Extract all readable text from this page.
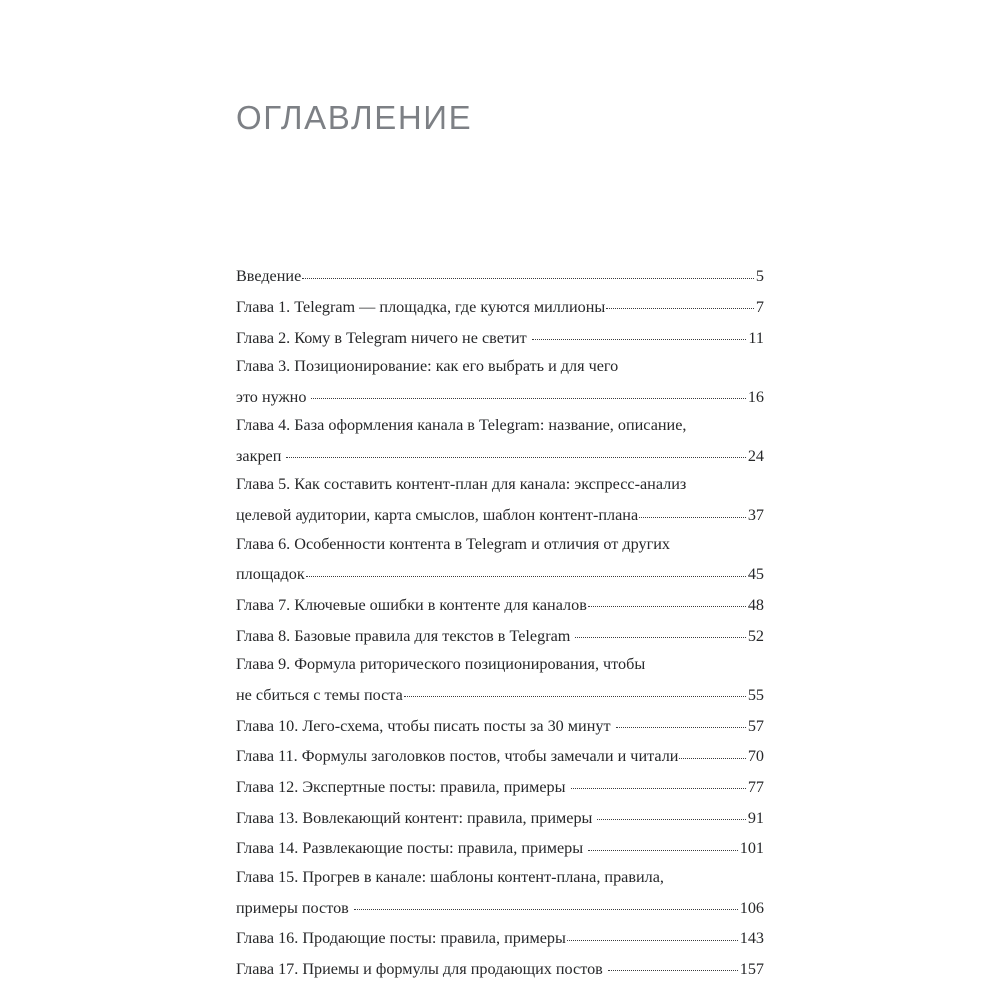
ОГЛАВЛЕНИЕ
Введение	5
Глава 1. Telegram — площадка, где куются миллионы	7
Глава 2. Кому в Telegram ничего не светит	11
Глава 3. Позиционирование: как его выбрать и для чего
это нужно	16
Глава 4. База оформления канала в Telegram: название, описание,
закреп	24
Глава 5. Как составить контент-план для канала: экспресс-анализ
целевой аудитории, карта смыслов, шаблон контент-плана	37
Глава 6. Особенности контента в Telegram и отличия от других
площадок	45
Глава 7. Ключевые ошибки в контенте для каналов	48
Глава 8. Базовые правила для текстов в Telegram	52
Глава 9. Формула риторического позиционирования, чтобы
не сбиться с темы поста	55
Глава 10. Лего-схема, чтобы писать посты за 30 минут	57
Глава 11. Формулы заголовков постов, чтобы замечали и читали	70
Глава 12. Экспертные посты: правила, примеры	77
Глава 13. Вовлекающий контент: правила, примеры	91
Глава 14. Развлекающие посты: правила, примеры	101
Глава 15. Прогрев в канале: шаблоны контент-плана, правила,
примеры постов	106
Глава 16. Продающие посты: правила, примеры	143
Глава 17. Приемы и формулы для продающих постов	157
